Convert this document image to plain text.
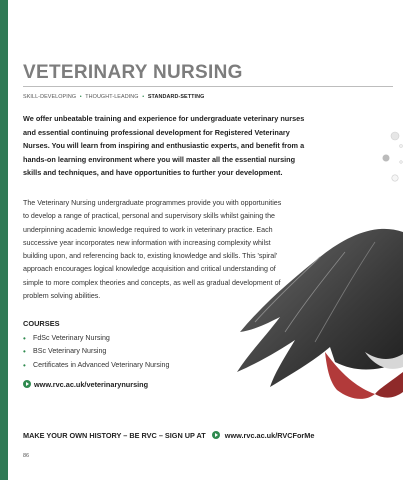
VETERINARY NURSING
SKILL-DEVELOPING • THOUGHT-LEADING • STANDARD-SETTING
We offer unbeatable training and experience for undergraduate veterinary nurses and essential continuing professional development for Registered Veterinary Nurses. You will learn from inspiring and enthusiastic experts, and benefit from a hands-on learning environment where you will master all the essential nursing skills and techniques, and have opportunities to further your development.
The Veterinary Nursing undergraduate programmes provide you with opportunities to develop a range of practical, personal and supervisory skills whilst gaining the underpinning academic knowledge required to work in veterinary practice. Each successive year incorporates new information with increasing complexity whilst building upon, and referencing back to, existing knowledge and skills. This 'spiral' approach encourages logical knowledge acquisition and critical understanding of simple to more complex theories and concepts, as well as gradual development of problem solving abilities.
COURSES
• FdSc Veterinary Nursing
• BSc Veterinary Nursing
• Certificates in Advanced Veterinary Nursing
www.rvc.ac.uk/veterinarynursing
MAKE YOUR OWN HISTORY – BE RVC – SIGN UP AT	www.rvc.ac.uk/RVCForMe
86
